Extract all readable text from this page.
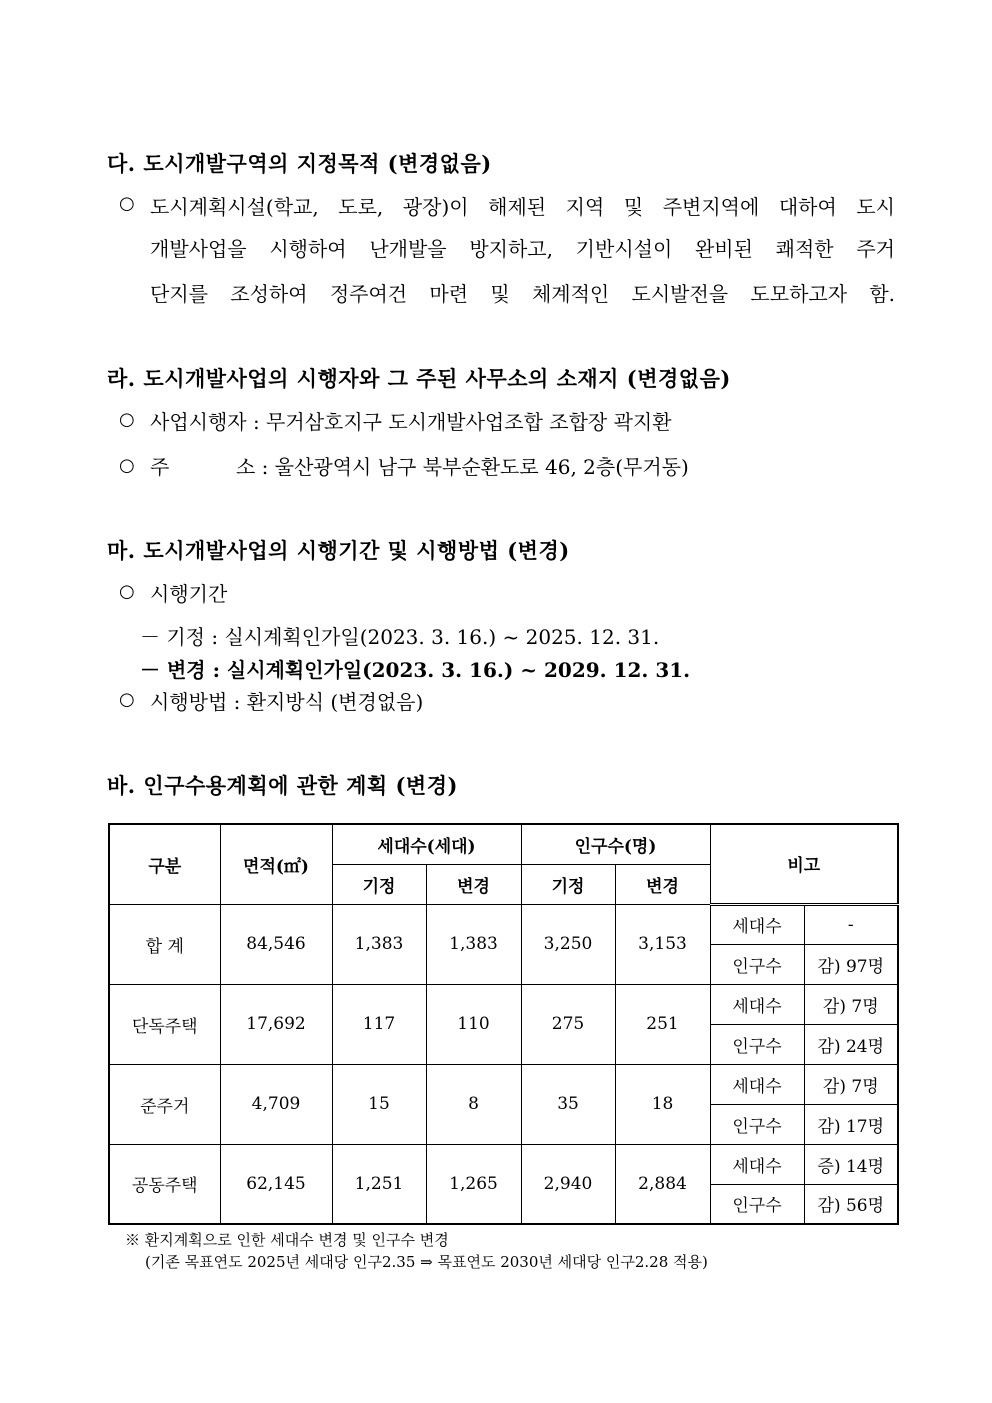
다. 도시개발구역의 지정목적 (변경없음)
○ 도시계획시설(학교, 도로, 광장)이 해제된 지역 및 주변지역에 대하여 도시
개발사업을 시행하여 난개발을 방지하고, 기반시설이 완비된 쾌적한 주거
단지를 조성하여 정주여건 마련 및 체계적인 도시발전을 도모하고자 함.
라. 도시개발사업의 시행자와 그 주된 사무소의 소재지 (변경없음)
○ 사업시행자 : 무거삼호지구 도시개발사업조합 조합장 곽지환
○ 주	소 : 울산광역시 남구 북부순환도로 46, 2층(무거동)
마. 도시개발사업의 시행기간 및 시행방법 (변경)
○ 시행기간
－ 기정 : 실시계획인가일(2023. 3. 16.) ~ 2025. 12. 31.
－ 변경 : 실시계획인가일(2023. 3. 16.) ~ 2029. 12. 31.
○ 시행방법 : 환지방식 (변경없음)
바. 인구수용계획에 관한 계획 (변경)
구분	면적(㎡)	세대수(세대)		인구수(명)		비고	
		기정	변경	기정	변경		
합 계	84,546	1,383	1,383	3,250	3,153	세대수	-
						인구수	감) 97명
단독주택	17,692	117	110	275	251	세대수	감) 7명
						인구수	감) 24명
준주거	4,709	15	8	35	18	세대수	감) 7명
						인구수	감) 17명
공동주택	62,145	1,251	1,265	2,940	2,884	세대수	증) 14명
						인구수	감) 56명
※ 환지계획으로 인한 세대수 변경 및 인구수 변경
(기존 목표연도 2025년 세대당 인구2.35 ⇒ 목표연도 2030년 세대당 인구2.28 적용)
